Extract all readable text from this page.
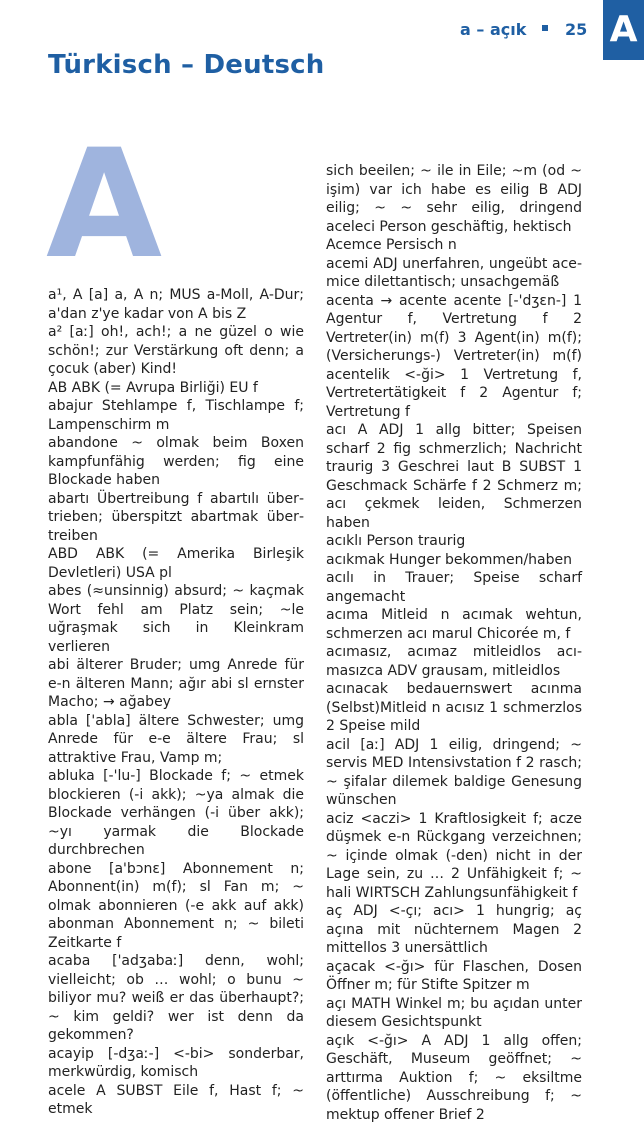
A
a – açık 25
Türkisch – Deutsch
A

a¹, A [a] a, A n; MUS a-Moll, A-Dur; a'dan z'ye kadar von A bis Z

a² [aː] oh!, ach!; a ne güzel o wie schön!; zur Verstärkung oft denn; a çocuk (aber) Kind!

AB ABK (= Avrupa Birliği) EU f

abajur Stehlampe f, Tischlampe f; Lampenschirm m

abandone ~ olmak beim Boxen kampfunfähig werden; fig eine Blockade haben

abartı Übertreibung f abartılı übertrieben; überspitzt abartmak übertreiben

ABD ABK (= Amerika Birleşik Devletleri) USA pl

abes (≈unsinnig) absurd; ~ kaçmak Wort fehl am Platz sein; ~le uğraşmak sich in Kleinkram verlieren

abi älterer Bruder; umg Anrede für e-n älteren Mann; ağır abi sl ernster Macho; → ağabey

abla ['abla] ältere Schwester; umg Anrede für e-e ältere Frau; sl attraktive Frau, Vamp m;

abluka [-'lu-] Blockade f; ~ etmek blockieren (-i akk); ~ya almak die Blockade verhängen (-i über akk); ~yı yarmak die Blockade durchbrechen

abone [a'bɔnɛ] Abonnement n; Abonnent(in) m(f); sl Fan m; ~ olmak abonnieren (-e akk auf akk) abonman Abonnement n; ~ bileti Zeitkarte f

acaba ['adʒabaː] denn, wohl; vielleicht; ob … wohl; o bunu ~ biliyor mu? weiß er das überhaupt?; ~ kim geldi? wer ist denn da gekommen?

acayip [-dʒaː-] <-bi> sonderbar, merkwürdig, komisch

acele A SUBST Eile f, Hast f; ~ etmek

sich beeilen; ~ ile in Eile; ~m (od ~ işim) var ich habe es eilig B ADJ eilig; ~ ~ sehr eilig, dringend aceleci Person geschäftig, hektisch

Acemce Persisch n

acemi ADJ unerfahren, ungeübt acemice dilettantisch; unsachgemäß

acenta → acente acente [-'dʒɛn-] 1 Agentur f, Vertretung f 2 Vertreter(in) m(f) 3 Agent(in) m(f); (Versicherungs-) Vertreter(in) m(f) acentelik <-ği> 1 Vertretung f, Vertretertätigkeit f 2 Agentur f; Vertretung f

acı A ADJ 1 allg bitter; Speisen scharf 2 fig schmerzlich; Nachricht traurig 3 Geschrei laut B SUBST 1 Geschmack Schärfe f 2 Schmerz m; acı çekmek leiden, Schmerzen haben

acıklı Person traurig

acıkmak Hunger bekommen/haben

acılı in Trauer; Speise scharf angemacht

acıma Mitleid n acımak wehtun, schmerzen acı marul Chicorée m, f

acımasız, acımaz mitleidlos acımasızca ADV grausam, mitleidlos

acınacak bedauernswert acınma (Selbst)Mitleid n acısız 1 schmerzlos 2 Speise mild

acil [aː] ADJ 1 eilig, dringend; ~ servis MED Intensivstation f 2 rasch; ~ şifalar dilemek baldige Genesung wünschen

aciz <aczi> 1 Kraftlosigkeit f; acze düşmek e-n Rückgang verzeichnen; ~ içinde olmak (-den) nicht in der Lage sein, zu … 2 Unfähigkeit f; ~ hali WIRTSCH Zahlungsunfähigkeit f

aç ADJ <-çı; acı> 1 hungrig; aç açına mit nüchternem Magen 2 mittellos 3 unersättlich

açacak <-ğı> für Flaschen, Dosen Öffner m; für Stifte Spitzer m

açı MATH Winkel m; bu açıdan unter diesem Gesichtspunkt

açık <-ğı> A ADJ 1 allg offen; Geschäft, Museum geöffnet; ~ arttırma Auktion f; ~ eksiltme (öffentliche) Ausschreibung f; ~ mektup offener Brief 2
